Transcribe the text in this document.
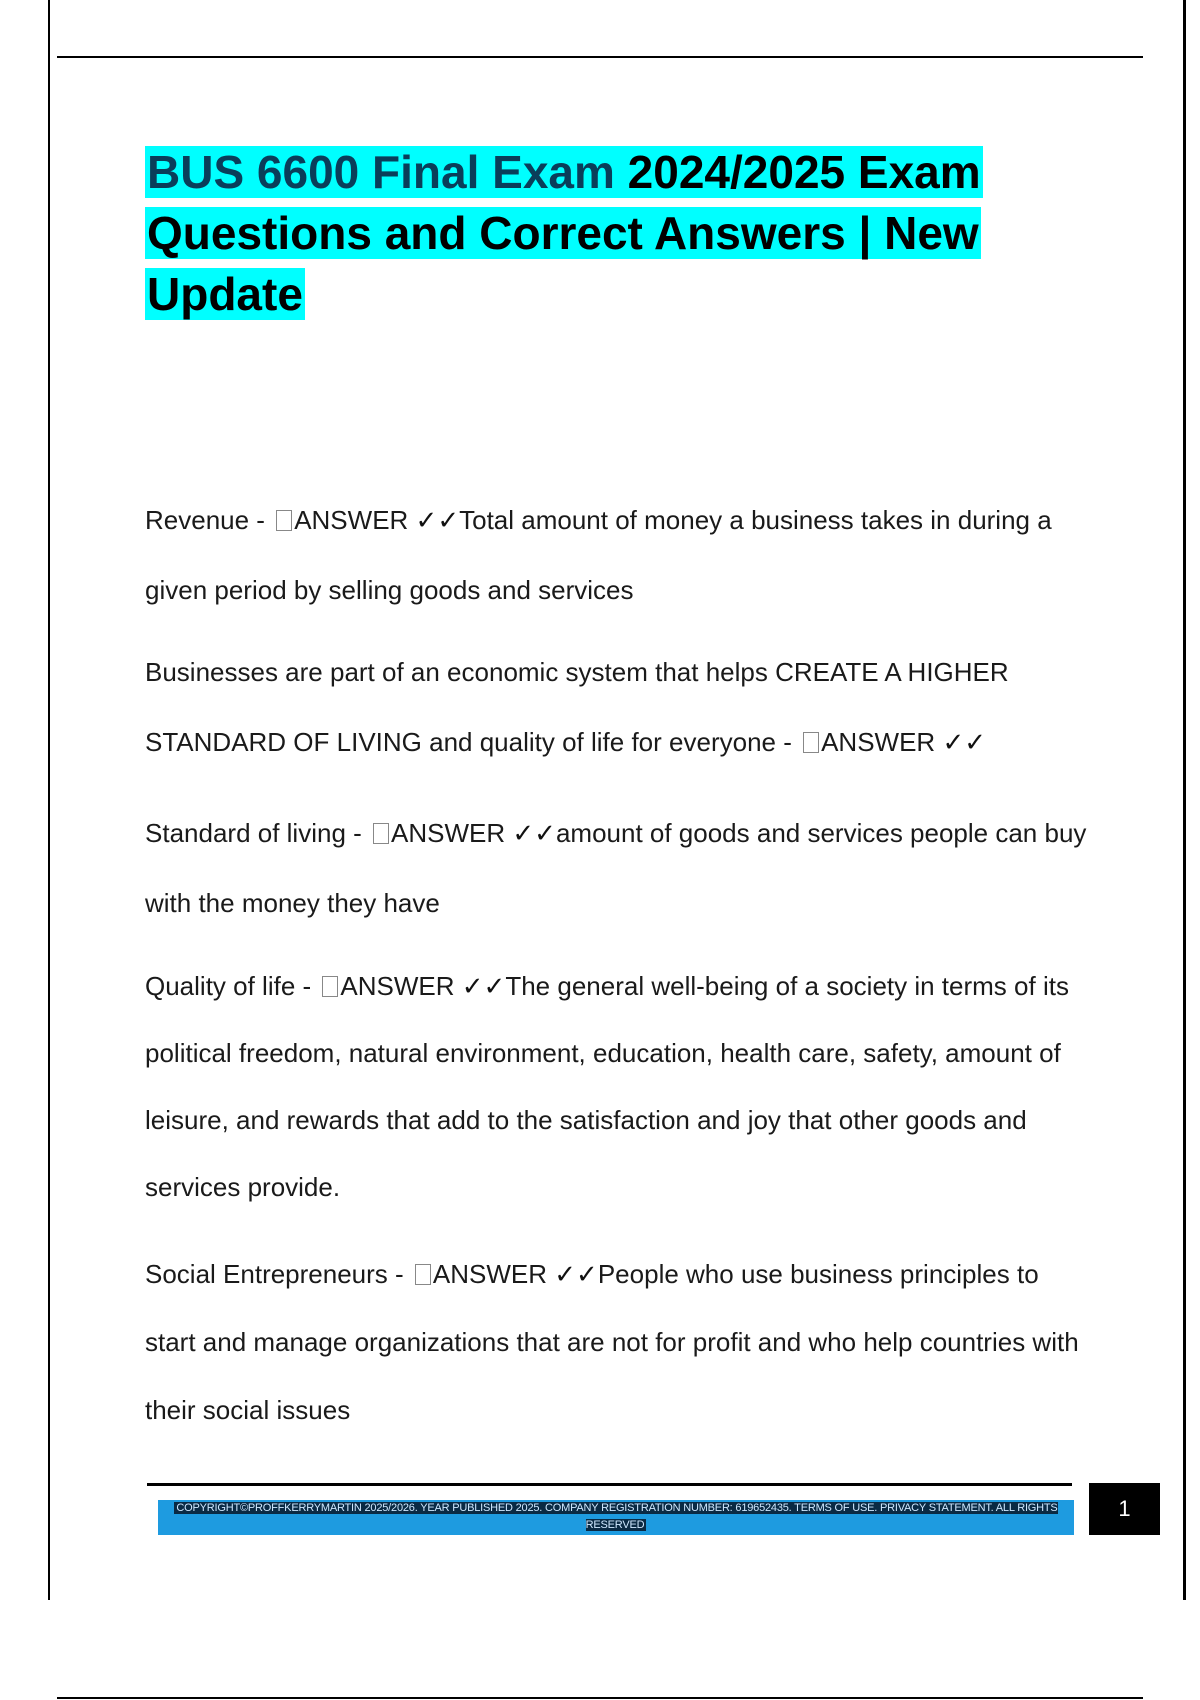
BUS 6600 Final Exam 2024/2025 Exam Questions and Correct Answers | New Update

Revenue - ANSWER ✓✓Total amount of money a business takes in during a given period by selling goods and services

Businesses are part of an economic system that helps CREATE A HIGHER STANDARD OF LIVING and quality of life for everyone - ANSWER ✓✓

Standard of living - ANSWER ✓✓amount of goods and services people can buy with the money they have

Quality of life - ANSWER ✓✓The general well-being of a society in terms of its political freedom, natural environment, education, health care, safety, amount of leisure, and rewards that add to the satisfaction and joy that other goods and services provide.

Social Entrepreneurs - ANSWER ✓✓People who use business principles to start and manage organizations that are not for profit and who help countries with their social issues

COPYRIGHT©PROFFKERRYMARTIN 2025/2026. YEAR PUBLISHED 2025. COMPANY REGISTRATION NUMBER: 619652435. TERMS OF USE. PRIVACY STATEMENT. ALL RIGHTS RESERVED
1
